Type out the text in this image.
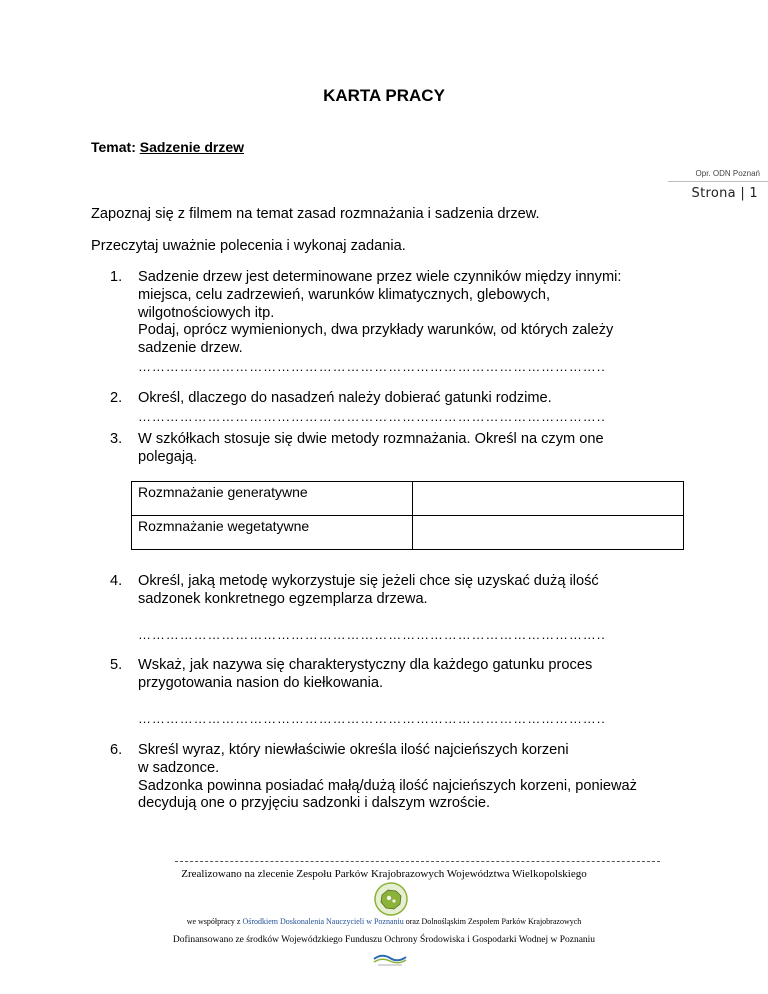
KARTA PRACY
Temat: Sadzenie drzew
Opr. ODN Poznań
Strona | 1
Zapoznaj się z filmem na temat zasad rozmnażania i sadzenia drzew.
Przeczytaj uważnie polecenia i wykonaj zadania.
1. Sadzenie drzew jest determinowane przez wiele czynników między innymi:
miejsca, celu zadrzewień, warunków klimatycznych, glebowych,
wilgotnościowych itp.
Podaj, oprócz wymienionych, dwa przykłady warunków, od których zależy
sadzenie drzew.
………………………………………………………………………………………..
2. Określ, dlaczego do nasadzeń należy dobierać gatunki rodzime.
………………………………………………………………………………………..
3. W szkółkach stosuje się dwie metody rozmnażania. Określ na czym one
polegają.
Rozmnażanie generatywne	
Rozmnażanie wegetatywne	
4. Określ, jaką metodę wykorzystuje się jeżeli chce się uzyskać dużą ilość
sadzonek konkretnego egzemplarza drzewa.
………………………………………………………………………………………..
5. Wskaż, jak nazywa się charakterystyczny dla każdego gatunku proces
przygotowania nasion do kiełkowania.
………………………………………………………………………………………..
6. Skreśl wyraz, który niewłaściwie określa ilość najcieńszych korzeni
w sadzonce.
Sadzonka powinna posiadać małą/dużą ilość najcieńszych korzeni, ponieważ
decydują one o przyjęciu sadzonki i dalszym wzroście.
Zrealizowano na zlecenie Zespołu Parków Krajobrazowych Województwa Wielkopolskiego
we współpracy z Ośrodkiem Doskonalenia Nauczycieli w Poznaniu oraz Dolnośląskim Zespołem Parków Krajobrazowych
Dofinansowano ze środków Wojewódzkiego Funduszu Ochrony Środowiska i Gospodarki Wodnej w Poznaniu
